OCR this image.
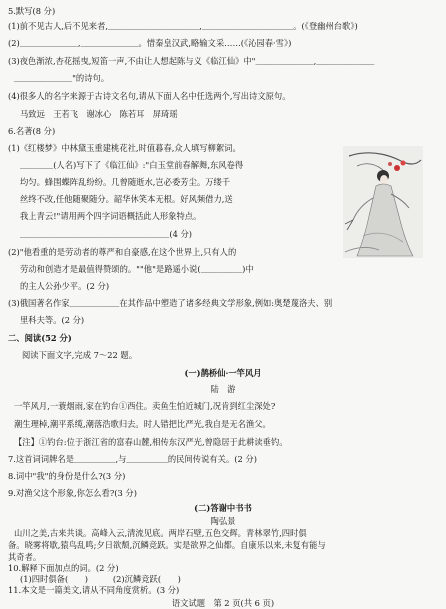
5.默写(8 分)
(1)前不见古人,后不见来者,＿＿＿＿＿＿＿＿＿＿＿,＿＿＿＿＿＿＿＿＿＿＿。(《登幽州台歌》)
(2)＿＿＿＿＿＿＿,＿＿＿＿＿＿＿。惜秦皇汉武,略输文采……(《沁园春·雪》)
(3)夜色渐浓,杏花摇曳,短笛一声,不由让人想起陈与义《临江仙》中"＿＿＿＿＿＿＿,＿＿＿＿＿＿＿
＿＿＿＿＿＿＿"的诗句。
(4)很多人的名字来源于古诗文名句,请从下面人名中任选两个,写出诗文原句。
马致远　王若飞　谢冰心　陈若耳　屏琦瑶
6.名著(8 分)
(1)《红楼梦》中林黛玉重建桃花社,时值暮春,众人填写柳絮词。
＿＿＿＿(人名)写下了《临江仙》:"白玉堂前春解舞,东风卷得
均匀。蜂围蝶阵乱纷纷。几曾随逝水,岂必委芳尘。万缕千
丝终不改,任他随聚随分。韶华休笑本无根。好风频借力,送
我上青云!"请用两个四字词语概括此人形象特点。
＿＿＿＿＿＿＿＿＿＿＿＿＿＿＿＿＿＿(4 分)
(2)"他看重的是劳动者的尊严和自豪感,在这个世界上,只有人的
劳动和创造才是最值得赞颂的。""他"是路遥小说(＿＿＿＿＿)中
的主人公孙少平。(2 分)
(3)俄国著名作家＿＿＿＿＿＿在其作品中塑造了诸多经典文学形象,例如:奥楚蔑洛夫、别
里科夫等。(2 分)
二、阅读(52 分)
阅读下面文字,完成 7～22 题。
(一)鹊桥仙·一竿风月
陆　游
一竿风月,一蓑烟雨,家在钓台①西住。卖鱼生怕近城门,况肯到红尘深处?
潮生理棹,潮平系缆,潮落浩歌归去。时人错把比严光,我自是无名渔父。
【注】①钓台:位于浙江省的富春山麓,相传东汉严光,曾隐居于此耕读垂钓。
7.这首词词牌名是＿＿＿＿＿,与＿＿＿＿＿的民间传说有关。(2 分)
8.词中"我"的身份是什么?(3 分)
9.对渔父这个形象,你怎么看?(3 分)
(二)答谢中书书
陶弘景
山川之美,古来共谈。高峰入云,清流见底。两岸石壁,五色交辉。青林翠竹,四时俱
备。晓雾将歇,猿鸟乱鸣;夕日欲颓,沉鳞竞跃。实是欲界之仙都。自康乐以来,未复有能与
其奇者。
10.解释下面加点的词。(2 分)
(1)四时俱备(　　)　　　(2)沉鳞竞跃(　　)
11.本文是一篇美文,请从不同角度赏析。(3 分)
语文试题　第 2 页(共 6 页)
